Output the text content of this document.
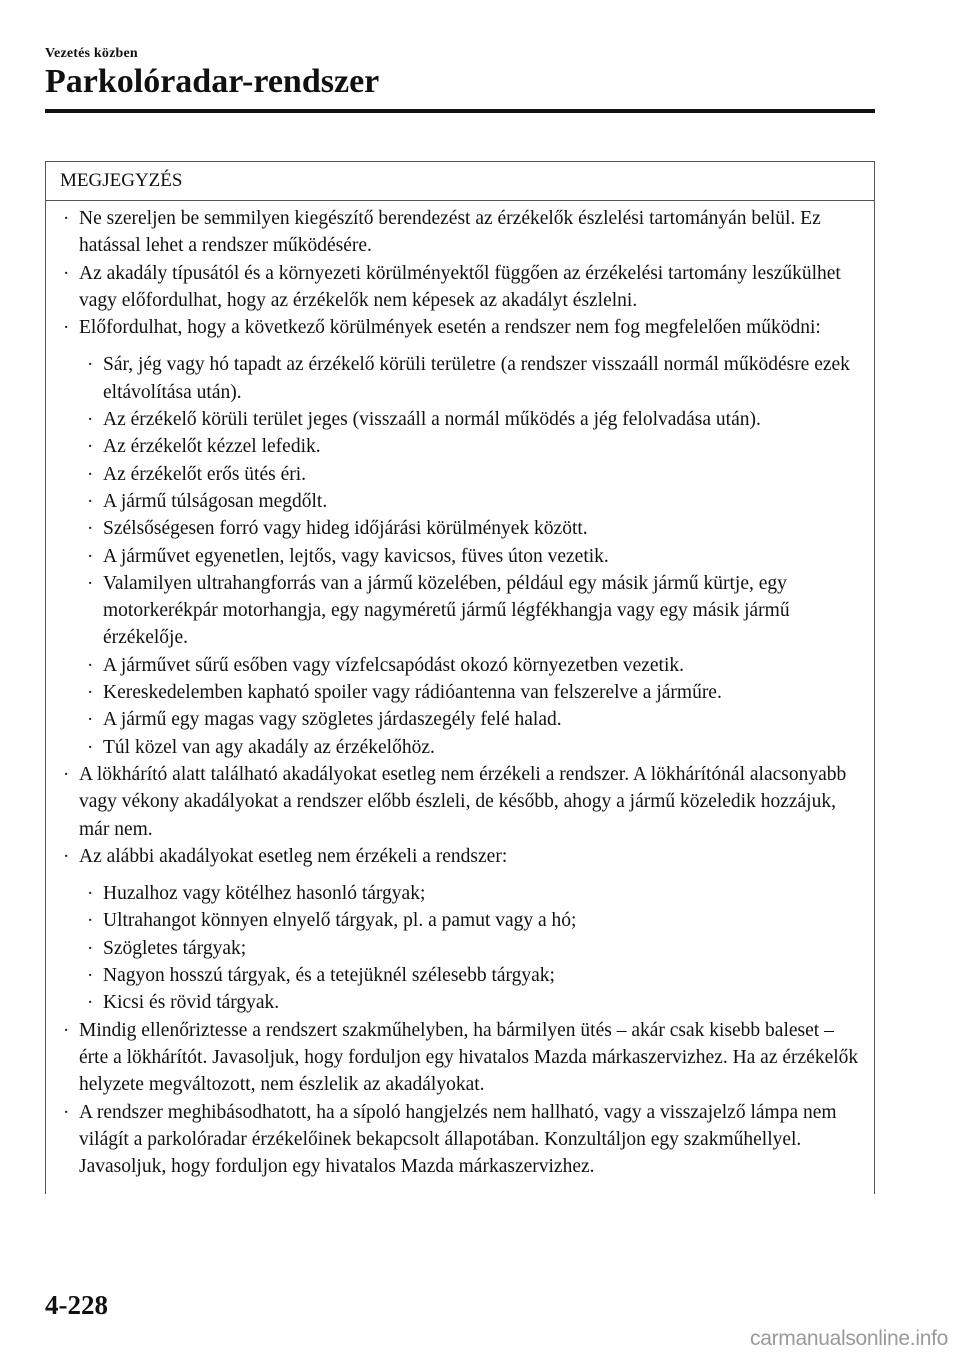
Vezetés közben
Parkolóradar-rendszer
MEGJEGYZÉS
· Ne szereljen be semmilyen kiegészítő berendezést az érzékelők észlelési tartományán belül. Ez hatással lehet a rendszer működésére.
· Az akadály típusától és a környezeti körülményektől függően az érzékelési tartomány leszűkülhet vagy előfordulhat, hogy az érzékelők nem képesek az akadályt észlelni.
· Előfordulhat, hogy a következő körülmények esetén a rendszer nem fog megfelelően működni:
· Sár, jég vagy hó tapadt az érzékelő körüli területre (a rendszer visszaáll normál működésre ezek eltávolítása után).
· Az érzékelő körüli terület jeges (visszaáll a normál működés a jég felolvadása után).
· Az érzékelőt kézzel lefedik.
· Az érzékelőt erős ütés éri.
· A jármű túlságosan megdőlt.
· Szélsőségesen forró vagy hideg időjárási körülmények között.
· A járművet egyenetlen, lejtős, vagy kavicsos, füves úton vezetik.
· Valamilyen ultrahangforrás van a jármű közelében, például egy másik jármű kürtje, egy motorkerékpár motorhangja, egy nagyméretű jármű légfékhangja vagy egy másik jármű érzékelője.
· A járművet sűrű esőben vagy vízfelcsapódást okozó környezetben vezetik.
· Kereskedelemben kapható spoiler vagy rádióantenna van felszerelve a járműre.
· A jármű egy magas vagy szögletes járdaszegély felé halad.
· Túl közel van agy akadály az érzékelőhöz.
· A lökhárító alatt található akadályokat esetleg nem érzékeli a rendszer. A lökhárítónál alacsonyabb vagy vékony akadályokat a rendszer előbb észleli, de később, ahogy a jármű közeledik hozzájuk, már nem.
· Az alábbi akadályokat esetleg nem érzékeli a rendszer:
· Huzalhoz vagy kötélhez hasonló tárgyak;
· Ultrahangot könnyen elnyelő tárgyak, pl. a pamut vagy a hó;
· Szögletes tárgyak;
· Nagyon hosszú tárgyak, és a tetejüknél szélesebb tárgyak;
· Kicsi és rövid tárgyak.
· Mindig ellenőriztesse a rendszert szakműhelyben, ha bármilyen ütés – akár csak kisebb baleset – érte a lökhárítót. Javasoljuk, hogy forduljon egy hivatalos Mazda márkaszervizhez. Ha az érzékelők helyzete megváltozott, nem észlelik az akadályokat.
· A rendszer meghibásodhatott, ha a sípoló hangjelzés nem hallható, vagy a visszajelző lámpa nem világít a parkolóradar érzékelőinek bekapcsolt állapotában. Konzultáljon egy szakműhellyel. Javasoljuk, hogy forduljon egy hivatalos Mazda márkaszervizhez.
4-228
carmanualsonline.info
